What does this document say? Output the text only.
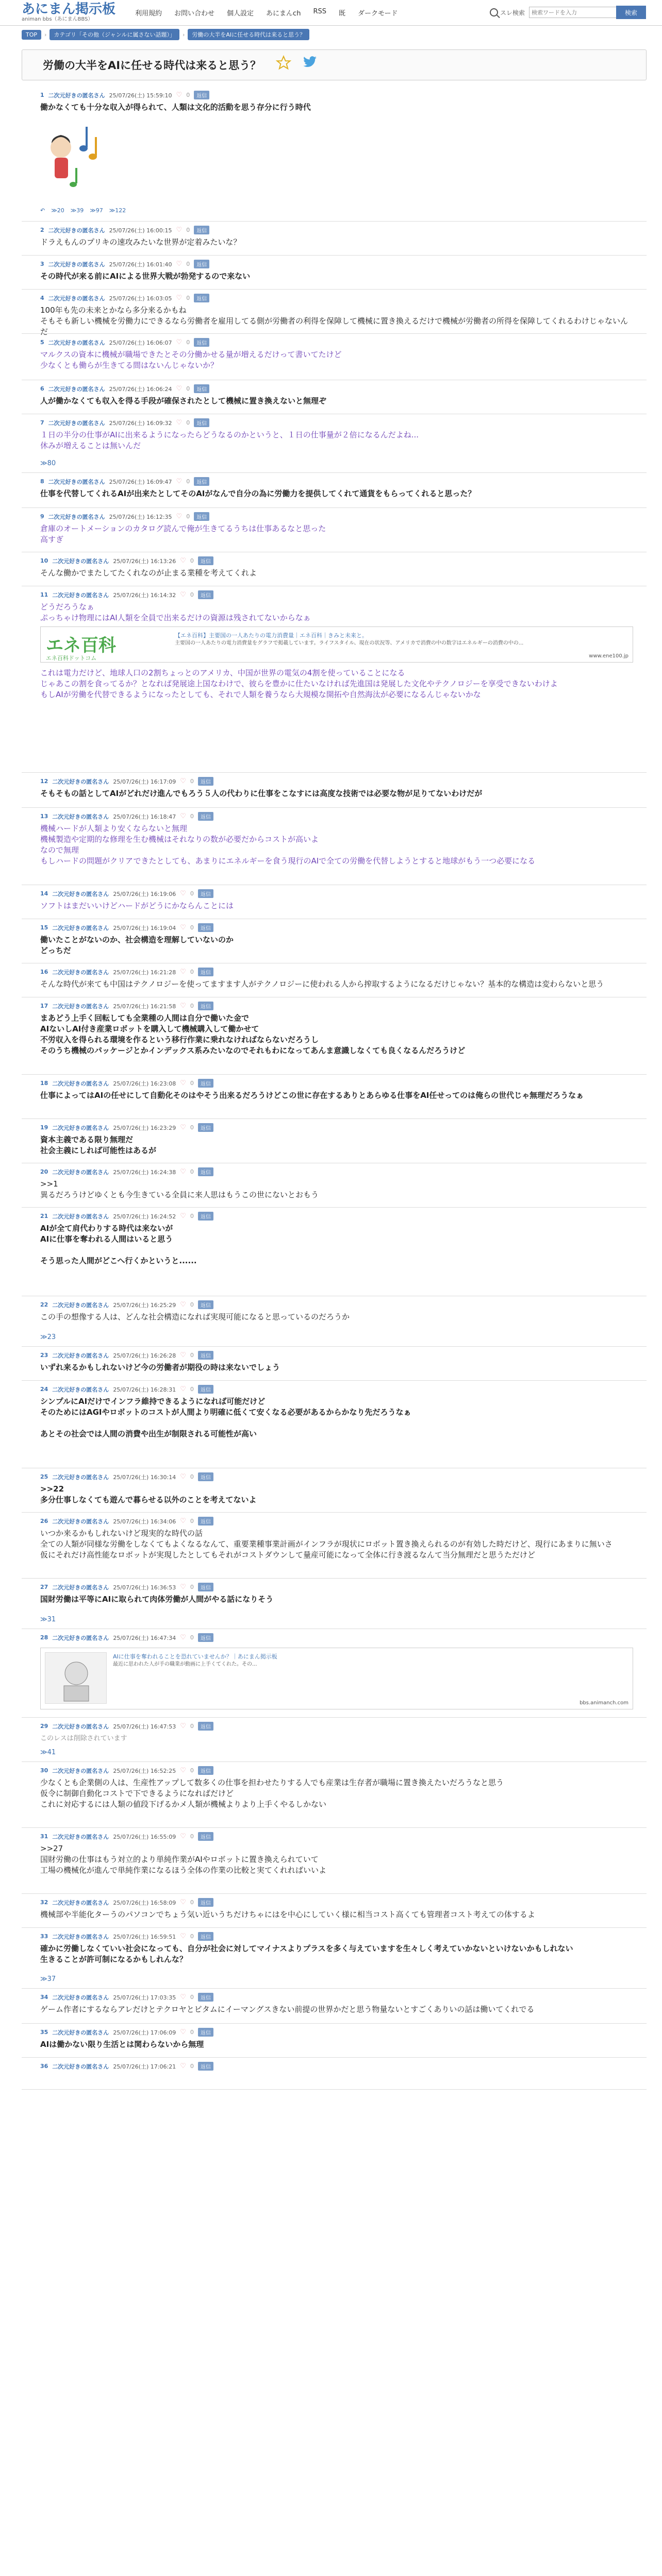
あにまん掲示板
animan bbs（あにまんBBS）
利用規約 お問い合わせ 個人設定 あにまんch RSS 既 ダークモード	スレ検索
検索ワードを入力	検索
TOP	›	カテゴリ「その他（ジャンルに属さない話題）」	›	労働の大半をAIに任せる時代は来ると思う？
労働の大半をAIに任せる時代は来ると思う？
1 二次元好きの匿名さん 25/07/26(土) 15:59:10 ♡ 0	返信
働かなくても十分な収入が得られて、人類は文化的活動を思う存分に行う時代
↶ ≫20 ≫39 ≫97 ≫122
2 二次元好きの匿名さん 25/07/26(土) 16:00:15 ♡ 0	返信
ドラえもんのプリキの速攻みたいな世界が定着みたいな？
3 二次元好きの匿名さん 25/07/26(土) 16:01:40 ♡ 0	返信
その時代が来る前にAIによる世界大戦が勃発するので来ない
4 二次元好きの匿名さん 25/07/26(土) 16:03:05 ♡ 0	返信
100年も先の未来とかなら多分来るかもね
そもそも新しい機械を労働力にできるなら労働者を雇用してる側が労働者の利得を保障して機械に置き換えるだけで機械が労働者の所得を保障してくれるわけじゃないんだ
5 二次元好きの匿名さん 25/07/26(土) 16:06:07 ♡ 0	返信
マルクスの資本に機械が職場できたとその分働かせる量が増えるだけって書いてたけど
少なくとも働らが生きてる間はないんじゃないか？
6 二次元好きの匿名さん 25/07/26(土) 16:06:24 ♡ 0	返信
人が働かなくても収入を得る手段が確保されたとして機械に置き換えないと無理ぞ
7 二次元好きの匿名さん 25/07/26(土) 16:09:32 ♡ 0	返信
１日の半分の仕事がAIに出来るようになったらどうなるのかというと、１日の仕事量が２倍になるんだよね...
休みが増えることは無いんだ
≫80
8 二次元好きの匿名さん 25/07/26(土) 16:09:47 ♡ 0	返信
仕事を代替してくれるAIが出来たとしてそのAIがなんで自分の為に労働力を提供してくれて通貨をもらってくれると思った？
9 二次元好きの匿名さん 25/07/26(土) 16:12:35 ♡ 0	返信
倉庫のオートメーションのカタログ読んで俺が生きてるうちは仕事あるなと思った
高すぎ
10 二次元好きの匿名さん 25/07/26(土) 16:13:26 ♡ 0	返信
そんな働かでまたしてたくれなのが止まる業種を考えてくれよ
11 二次元好きの匿名さん 25/07/26(土) 16:14:32 ♡ 0	返信
どうだろうなぁ
ぷっちゃけ物理にはAI人類を全員で出来るだけの資源は残されてないからなぁ
エネ百科
エネ百科ドットコム
【エネ百科】主要国の一人あたりの電力消費量｜エネ百科｜きみと未来と。
主要国の一人あたりの電力消費量をグラフで掲載しています。ライフスタイル、現在の状況等、アメリカで消費の中の数字はエネルギーの消費の中の...
www.ene100.jp
これは電力だけど、地球人口の2割ちょっとのアメリカ、中国が世界の電気の4割を使っていることになる
じゃあこの割を食ってるか？となれば発展途上国なわけで、彼らを豊かに仕たいなければ先進国は発展した文化やテクノロジーを享受できないわけよ
もしAIが労働を代替できるようになったとしても、それで人類を養うなら大規模な開拓や自然海汰が必要になるんじゃないかな
12 二次元好きの匿名さん 25/07/26(土) 16:17:09 ♡ 0	返信
そもそもの話としてAIがどれだけ進んでもろう５人の代わりに仕事をこなすには高度な技術では必要な物が足りてないわけだが
13 二次元好きの匿名さん 25/07/26(土) 16:18:47 ♡ 0	返信
機械ハードが人類より安くならないと無理
機械製造や定期的な修理を生む機械はそれなりの数が必要だからコストが高いよ
なので無理
もしハードの問題がクリアできたとしても、あまりにエネルギーを食う現行のAIで全ての労働を代替しようとすると地球がもう一つ必要になる
14 二次元好きの匿名さん 25/07/26(土) 16:19:06 ♡ 0	返信
ソフトはまだいいけどハードがどうにかならんことには
15 二次元好きの匿名さん 25/07/26(土) 16:19:04 ♡ 0	返信
働いたことがないのか、社会構造を理解していないのか
どっちだ
16 二次元好きの匿名さん 25/07/26(土) 16:21:28 ♡ 0	返信
そんな時代が来ても中国はテクノロジーを使ってますます人がテクノロジーに使われる人から搾取するようになるだけじゃない？基本的な構造は変わらないと思う
17 二次元好きの匿名さん 25/07/26(土) 16:21:58 ♡ 0	返信
まあどう上手く回転しても全業種の人間は自分で働いた金で
AIないしAI付き産業ロボットを購入して機械購入して働かせて
不労収入を得られる環境を作るという移行作業に乗れなければならないだろうし
そのうち機械のパッケージとかインデックス系みたいなのでそれもわになってあんま意識しなくても良くなるんだろうけど
18 二次元好きの匿名さん 25/07/26(土) 16:23:08 ♡ 0	返信
仕事によってはAIの任せにして自動化そのはやそう出来るだろうけどこの世に存在するありとあらゆる仕事をAI任せってのは俺らの世代じゃ無理だろうなぁ
19 二次元好きの匿名さん 25/07/26(土) 16:23:29 ♡ 0	返信
資本主義である限り無理だ
社会主義にしれば可能性はあるが
20 二次元好きの匿名さん 25/07/26(土) 16:24:38 ♡ 0	返信
>>1
異るだろうけどゆくとも今生きている全員に来人思はもうこの世にないとおもう
21 二次元好きの匿名さん 25/07/26(土) 16:24:52 ♡ 0	返信
AIが全て肩代わりする時代は来ないが
AIに仕事を奪われる人間はいると思う

そう思った人間がどこへ行くかというと......
22 二次元好きの匿名さん 25/07/26(土) 16:25:29 ♡ 0	返信
この手の想像する人は、どんな社会構造になれば実現可能になると思っているのだろうか
≫23
23 二次元好きの匿名さん 25/07/26(土) 16:26:28 ♡ 0	返信
いずれ来るかもしれないけど今の労働者が期役の時は来ないでしょう
24 二次元好きの匿名さん 25/07/26(土) 16:28:31 ♡ 0	返信
シンプルにAIだけでインフラ維持できるようになれば可能だけど
そのためにはAGIやロボットのコストが人間より明確に低くて安くなる必要があるからかなり先だろうなぁ

あとその社会では人間の消費や出生が制限される可能性が高い
25 二次元好きの匿名さん 25/07/26(土) 16:30:14 ♡ 0	返信
>>22
多分仕事しなくても遊んで暮らせる以外のことを考えてないよ
26 二次元好きの匿名さん 25/07/26(土) 16:34:06 ♡ 0	返信
いつか来るかもしれないけど現実的な時代の話
全ての人類が同様な労働をしなくてもよくなるなんて、重要業種事業計画がインフラが現状にロボット置き換えられるのが有効した時だけど、現行にあまりに無いさ
仮にそれだけ高性能なロボットが実現したとしてもそれがコストダウンして量産可能になって全体に行き渡るなんて当分無理だと思うただけど
27 二次元好きの匿名さん 25/07/26(土) 16:36:53 ♡ 0	返信
国財労働は平等にAIに取られて肉体労働が人間がやる話になりそう
≫31
28 二次元好きの匿名さん 25/07/26(土) 16:47:34 ♡ 0	返信
AIに仕事を奪われることを恐れていませんか？｜あにまん掲示板
最近に思われた人が手の職業が動画に上手くてくれた。その...
bbs.animanch.com
29 二次元好きの匿名さん 25/07/26(土) 16:47:53 ♡ 0	返信
このレスは削除されています
≫41
30 二次元好きの匿名さん 25/07/26(土) 16:52:25 ♡ 0	返信
少なくとも企業側の人は、生産性アップして数多くの仕事を担わせたりする人でも産業は生存者が職場に置き換えたいだろうなと思う
仮令に制御自動化コストで下できるようになればだけど
これに対応するには人類の値段下げるかメ人類が機械よりより上手くやるしかない
31 二次元好きの匿名さん 25/07/26(土) 16:55:09 ♡ 0	返信
>>27
国財労働の仕事はもう対立的より単純作業がAIやロボットに置き換えられていて
工場の機械化が進んで単純作業になるほう全体の作業の比較と実てくれればいいよ
32 二次元好きの匿名さん 25/07/26(土) 16:58:09 ♡ 0	返信
機械部や半能化ターうのパソコンでちょう気い近いうちだけちゃにはを中心にしていく様に相当コスト高くても管理者コスト考えての体するよ
33 二次元好きの匿名さん 25/07/26(土) 16:59:51 ♡ 0	返信
確かに労働しなくていい社会になっても、自分が社会に対してマイナスよりプラスを多く与えていますを生々しく考えていかないといけないかもしれない
生きることが許可制になるかもしれんな？
≫37
34 二次元好きの匿名さん 25/07/26(土) 17:03:35 ♡ 0	返信
ゲーム作者にするならアレだけとテクロヤとビタムにイーマングスきない前提の世界かだと思う物量ないとすごくありいの話は働いてくれでる
35 二次元好きの匿名さん 25/07/26(土) 17:06:09 ♡ 0	返信
AIは働かない限り生活とは関わらないから無理
36 二次元好きの匿名さん 25/07/26(土) 17:06:21 ♡ 0	返信
